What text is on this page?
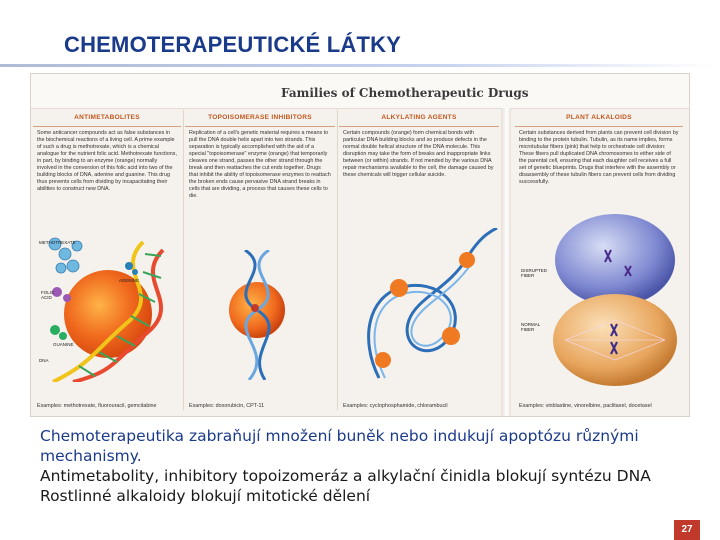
CHEMOTERAPEUTICKÉ LÁTKY
Families of Chemotherapeutic Drugs
ANTIMETABOLITES
Some anticancer compounds act as false substances in the biochemical reactions of a living cell. A prime example of such a drug is methotrexate, which is a chemical analogue for the nutrient folic acid. Methotrexate functions, in part, by binding to an enzyme (orange) normally involved in the conversion of this folic acid into two of the building blocks of DNA, adenine and guanine. This drug thus prevents cells from dividing by incapacitating their abilities to construct new DNA.
METHOTREXATE
FOLIC ACID
ADENINE
GUANINE
DNA
Examples: methotrexate, fluorouracil, gemcitabine
TOPOISOMERASE INHIBITORS
Replication of a cell's genetic material requires a means to pull the DNA double helix apart into two strands. This separation is typically accomplished with the aid of a special "topoisomerase" enzyme (orange) that temporarily cleaves one strand, passes the other strand through the break and then reattaches the cut ends together. Drugs that inhibit the ability of topoisomerase enzymes to reattach the broken ends cause pervasive DNA strand breaks in cells that are dividing, a process that causes these cells to die.
Examples: doxorubicin, CPT-11
ALKYLATING AGENTS
Certain compounds (orange) form chemical bonds with particular DNA building blocks and so produce defects in the normal double helical structure of the DNA molecule. This disruption may take the form of breaks and inappropriate links between (or within) strands. If not mended by the various DNA repair mechanisms available to the cell, the damage caused by these chemicals will trigger cellular suicide.
Examples: cyclophosphamide, chlorambucil
PLANT ALKALOIDS
Certain substances derived from plants can prevent cell division by binding to the protein tubulin. Tubulin, as its name implies, forms microtubular fibers (pink) that help to orchestrate cell division: These fibers pull duplicated DNA chromosomes to either side of the parental cell, ensuring that each daughter cell receives a full set of genetic blueprints. Drugs that interfere with the assembly or disassembly of these tubulin fibers can prevent cells from dividing successfully.
DISRUPTED FIBER
NORMAL FIBER
Examples: vinblastine, vinorelbine, paclitaxel, docetaxel
Chemoterapeutika zabraňují množení buněk nebo indukují apoptózu různými
mechanismy.
Antimetabolity, inhibitory topoizomeráz a alkylační činidla blokují syntézu DNA
Rostlinné alkaloidy blokují mitotické dělení
27
